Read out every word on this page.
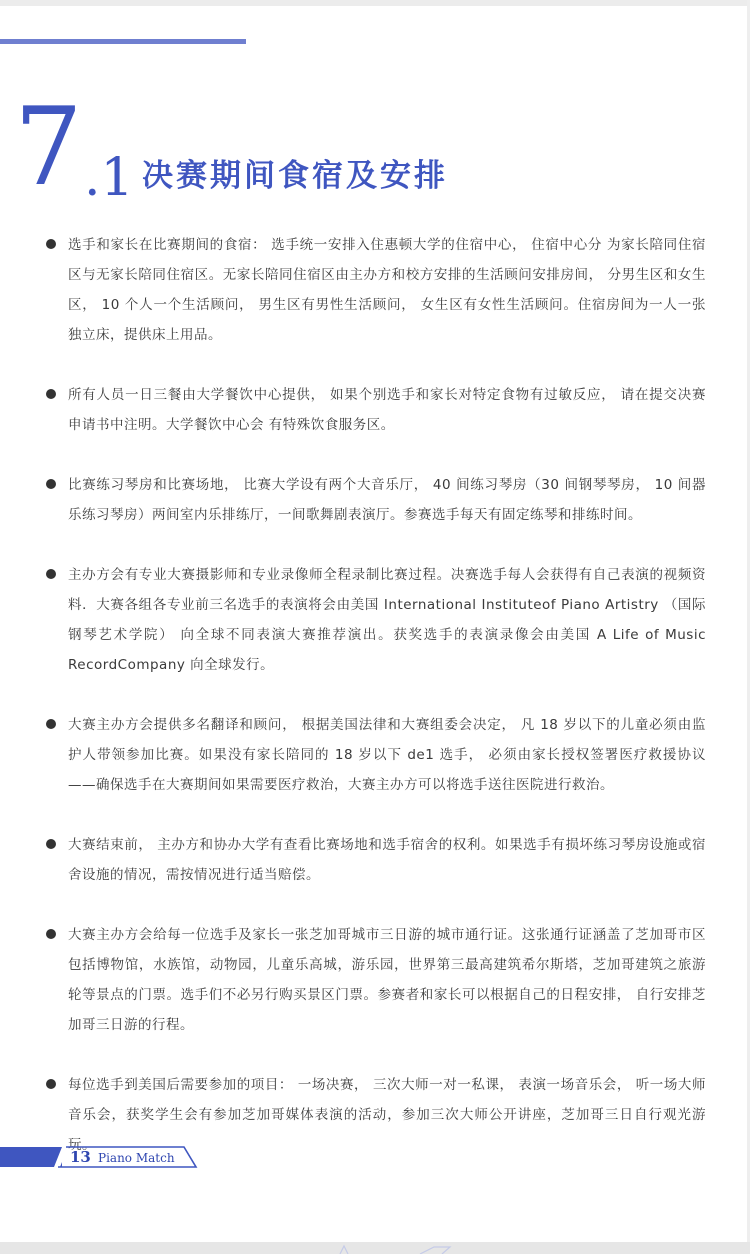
7 .1 决赛期间食宿及安排

选手和家长在比赛期间的食宿： 选手统一安排入住惠顿大学的住宿中心， 住宿中心分 为家长陪同住宿区与无家长陪同住宿区。无家长陪同住宿区由主办方和校方安排的生活顾问安排房间， 分男生区和女生区， 10 个人一个生活顾问， 男生区有男性生活顾问， 女生区有女性生活顾问。住宿房间为一人一张独立床，提供床上用品。

所有人员一日三餐由大学餐饮中心提供， 如果个别选手和家长对特定食物有过敏反应， 请在提交决赛申请书中注明。大学餐饮中心会 有特殊饮食服务区。

比赛练习琴房和比赛场地， 比赛大学设有两个大音乐厅， 40 间练习琴房（30 间钢琴琴房， 10 间器乐练习琴房）两间室内乐排练厅，一间歌舞剧表演厅。参赛选手每天有固定练琴和排练时间。

主办方会有专业大赛摄影师和专业录像师全程录制比赛过程。决赛选手每人会获得有自己表演的视频资料．大赛各组各专业前三名选手的表演将会由美国 International Instituteof Piano Artistry （国际钢琴艺术学院） 向全球不同表演大赛推荐演出。获奖选手的表演录像会由美国 A Life of Music RecordCompany 向全球发行。

大赛主办方会提供多名翻译和顾问， 根据美国法律和大赛组委会决定， 凡 18 岁以下的儿童必须由监护人带领参加比赛。如果没有家长陪同的 18 岁以下 de1 选手， 必须由家长授权签署医疗救援协议——确保选手在大赛期间如果需要医疗救治，大赛主办方可以将选手送往医院进行救治。

大赛结束前， 主办方和协办大学有查看比赛场地和选手宿舍的权利。如果选手有损坏练习琴房设施或宿舍设施的情况，需按情况进行适当赔偿。

大赛主办方会给每一位选手及家长一张芝加哥城市三日游的城市通行证。这张通行证涵盖了芝加哥市区包括博物馆，水族馆，动物园，儿童乐高城，游乐园，世界第三最高建筑希尔斯塔，芝加哥建筑之旅游轮等景点的门票。选手们不必另行购买景区门票。参赛者和家长可以根据自己的日程安排， 自行安排芝加哥三日游的行程。

每位选手到美国后需要参加的项目： 一场决赛， 三次大师一对一私课， 表演一场音乐会， 听一场大师音乐会，获奖学生会有参加芝加哥媒体表演的活动，参加三次大师公开讲座，芝加哥三日自行观光游玩。

13 Piano Match
